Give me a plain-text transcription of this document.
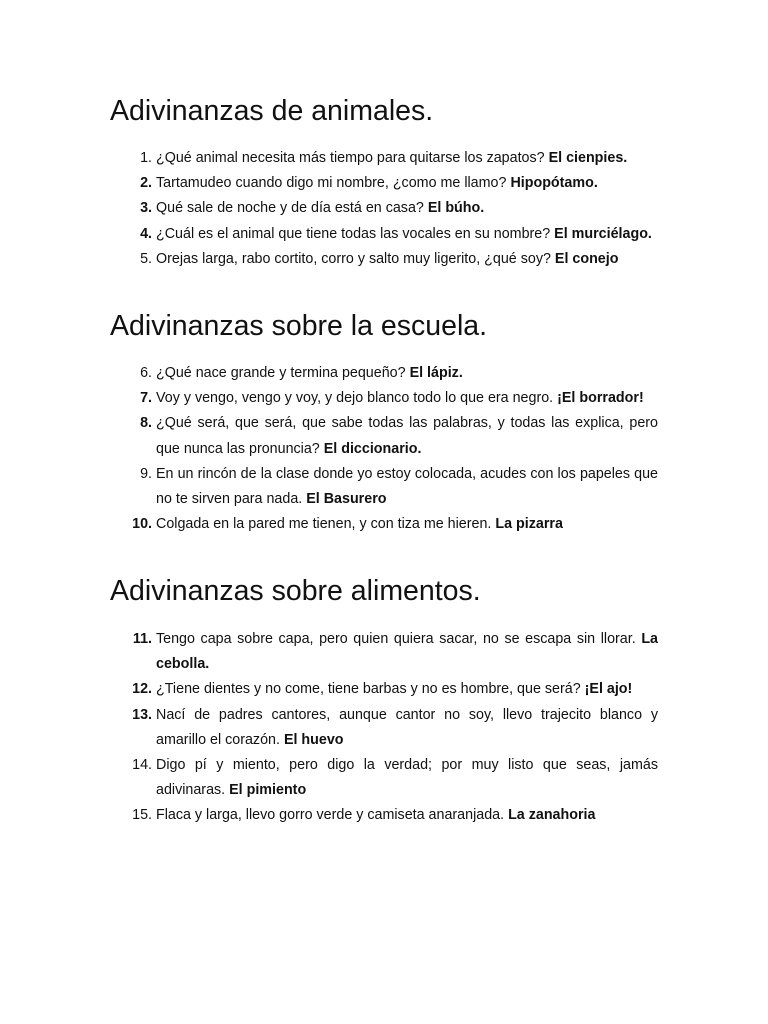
Adivinanzas de animales.
1. ¿Qué animal necesita más tiempo para quitarse los zapatos? El cienpies.
2. Tartamudeo cuando digo mi nombre, ¿como me llamo? Hipopótamo.
3. Qué sale de noche y de día está en casa? El búho.
4. ¿Cuál es el animal que tiene todas las vocales en su nombre? El murciélago.
5. Orejas larga, rabo cortito, corro y salto muy ligerito, ¿qué soy? El conejo
Adivinanzas sobre la escuela.
6. ¿Qué nace grande y termina pequeño? El lápiz.
7. Voy y vengo, vengo y voy, y dejo blanco todo lo que era negro. ¡El borrador!
8. ¿Qué será, que será, que sabe todas las palabras, y todas las explica, pero que nunca las pronuncia? El diccionario.
9. En un rincón de la clase donde yo estoy colocada, acudes con los papeles que no te sirven para nada. El Basurero
10. Colgada en la pared me tienen, y con tiza me hieren. La pizarra
Adivinanzas sobre alimentos.
11. Tengo capa sobre capa, pero quien quiera sacar, no se escapa sin llorar. La cebolla.
12. ¿Tiene dientes y no come, tiene barbas y no es hombre, que será? ¡El ajo!
13. Nací de padres cantores, aunque cantor no soy, llevo trajecito blanco y amarillo el corazón. El huevo
14. Digo pí y miento, pero digo la verdad; por muy listo que seas, jamás adivinaras. El pimiento
15. Flaca y larga, llevo gorro verde y camiseta anaranjada. La zanahoria
